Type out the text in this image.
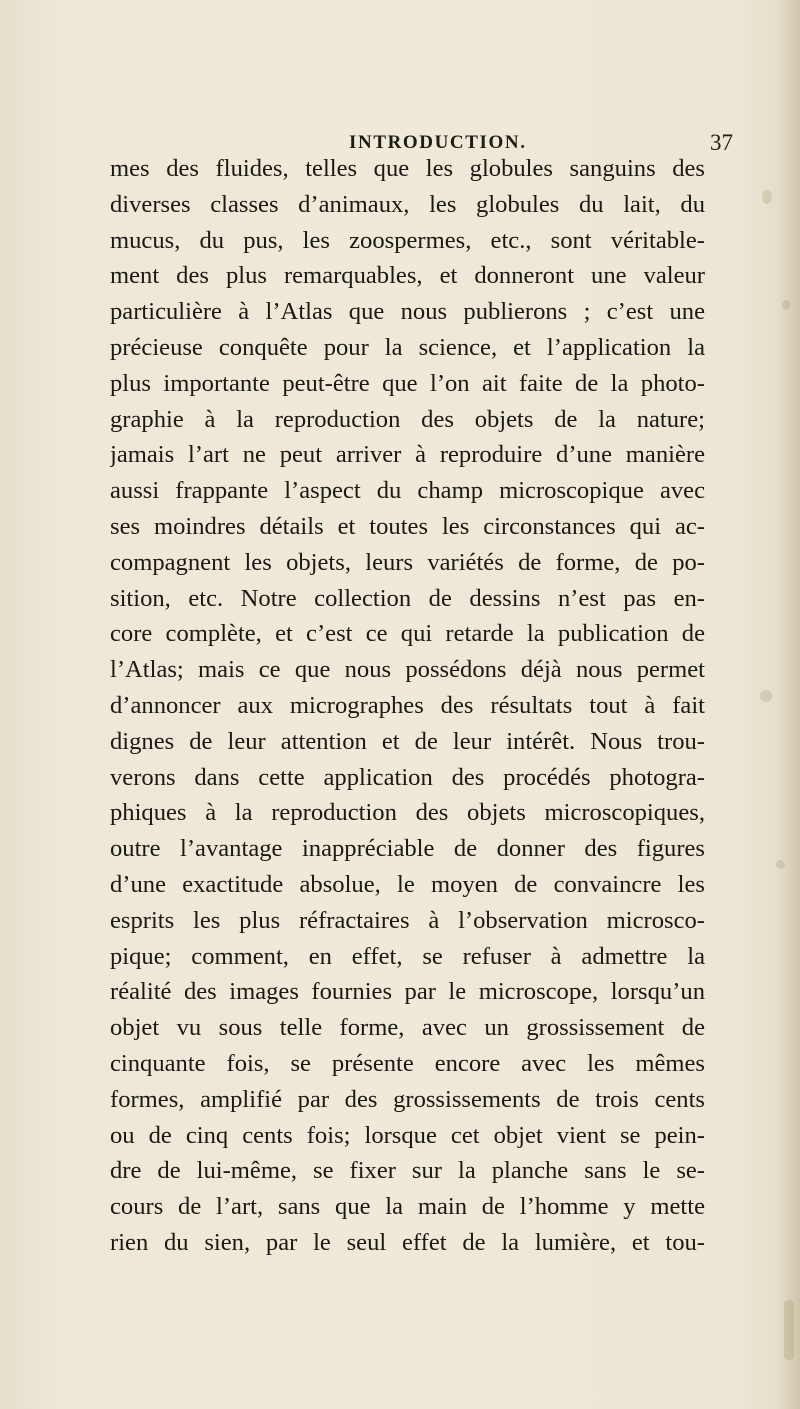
INTRODUCTION.	37
mes des fluides, telles que les globules sanguins des
diverses classes d’animaux, les globules du lait, du
mucus, du pus, les zoospermes, etc., sont véritable-
ment des plus remarquables, et donneront une valeur
particulière à l’Atlas que nous publierons ; c’est une
précieuse conquête pour la science, et l’application la
plus importante peut-être que l’on ait faite de la photo-
graphie à la reproduction des objets de la nature;
jamais l’art ne peut arriver à reproduire d’une manière
aussi frappante l’aspect du champ microscopique avec
ses moindres détails et toutes les circonstances qui ac-
compagnent les objets, leurs variétés de forme, de po-
sition, etc. Notre collection de dessins n’est pas en-
core complète, et c’est ce qui retarde la publication de
l’Atlas; mais ce que nous possédons déjà nous permet
d’annoncer aux micrographes des résultats tout à fait
dignes de leur attention et de leur intérêt. Nous trou-
verons dans cette application des procédés photogra-
phiques à la reproduction des objets microscopiques,
outre l’avantage inappréciable de donner des figures
d’une exactitude absolue, le moyen de convaincre les
esprits les plus réfractaires à l’observation microsco-
pique; comment, en effet, se refuser à admettre la
réalité des images fournies par le microscope, lorsqu’un
objet vu sous telle forme, avec un grossissement de
cinquante fois, se présente encore avec les mêmes
formes, amplifié par des grossissements de trois cents
ou de cinq cents fois; lorsque cet objet vient se pein-
dre de lui-même, se fixer sur la planche sans le se-
cours de l’art, sans que la main de l’homme y mette
rien du sien, par le seul effet de la lumière, et tou-
